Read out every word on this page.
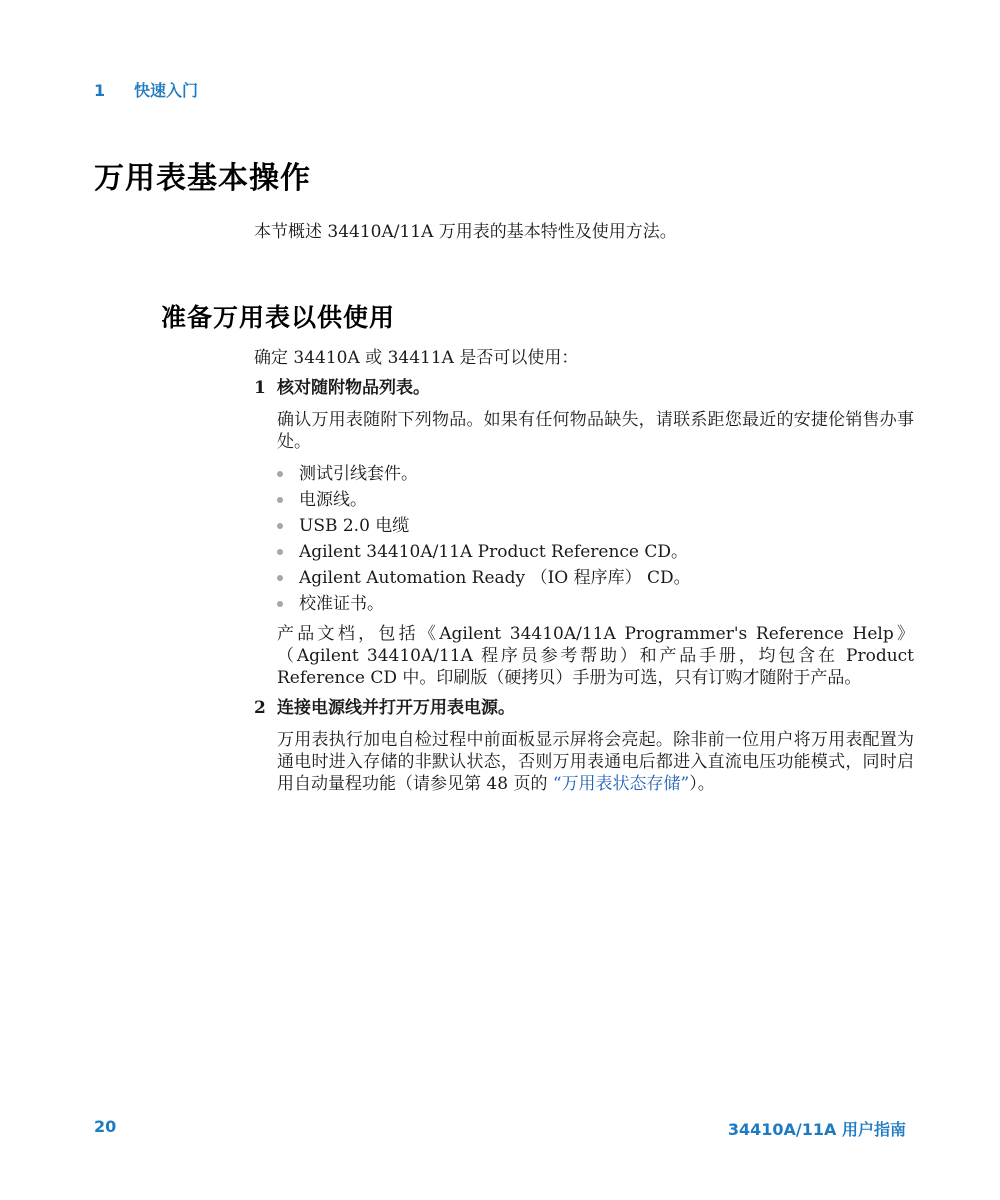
1 快速入门
万用表基本操作
本节概述 34410A/11A 万用表的基本特性及使用方法。
准备万用表以供使用

确定 34410A 或 34411A 是否可以使用：

1 核对随附物品列表。

确认万用表随附下列物品。如果有任何物品缺失，请联系距您最近的安捷伦销售办事处。

测试引线套件。
电源线。
USB 2.0 电缆
Agilent 34410A/11A Product Reference CD。
Agilent Automation Ready （IO 程序库） CD。
校准证书。

产品文档，包括《Agilent 34410A/11A Programmer's Reference Help》（Agilent 34410A/11A 程序员参考帮助）和产品手册，均包含在 Product Reference CD 中。印刷版（硬拷贝）手册为可选，只有订购才随附于产品。

2 连接电源线并打开万用表电源。

万用表执行加电自检过程中前面板显示屏将会亮起。除非前一位用户将万用表配置为通电时进入存储的非默认状态，否则万用表通电后都进入直流电压功能模式，同时启用自动量程功能（请参见第 48 页的 “万用表状态存储”）。

20	34410A/11A 用户指南
